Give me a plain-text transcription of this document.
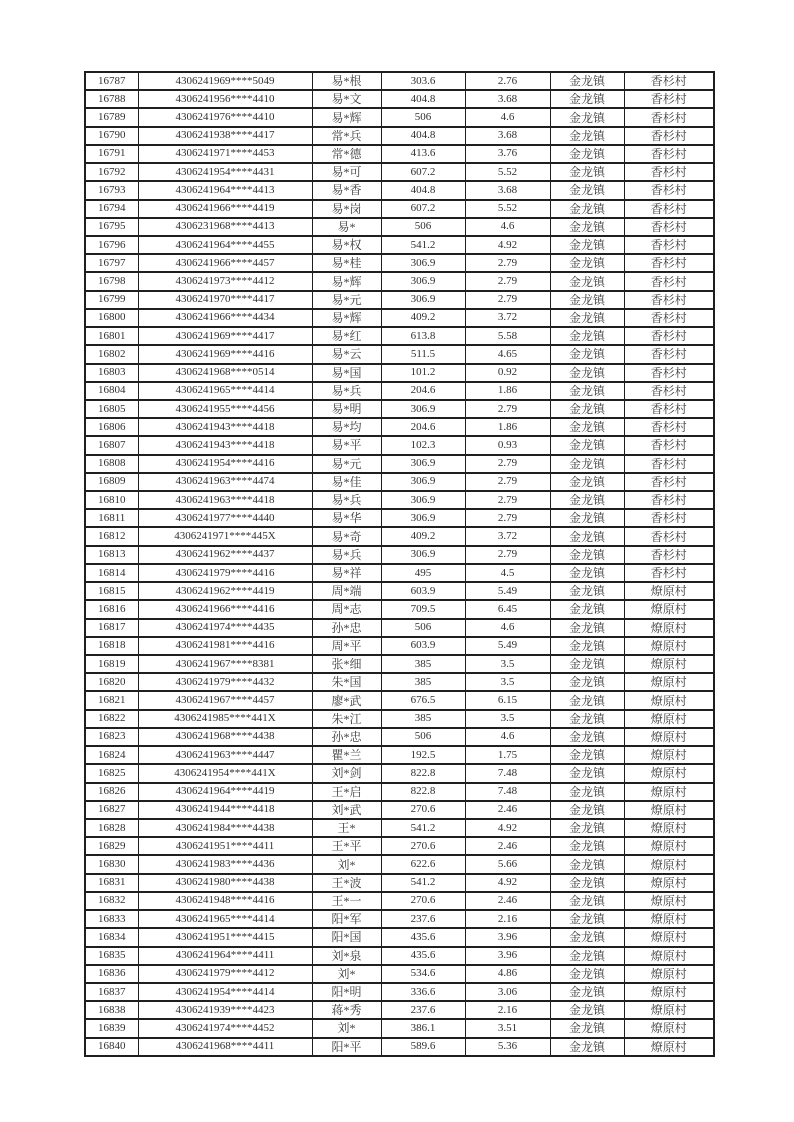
16787	4306241969****5049	易*根	303.6	2.76	金龙镇	香杉村
16788	4306241956****4410	易*文	404.8	3.68	金龙镇	香杉村
16789	4306241976****4410	易*辉	506	4.6	金龙镇	香杉村
16790	4306241938****4417	常*兵	404.8	3.68	金龙镇	香杉村
16791	4306241971****4453	常*德	413.6	3.76	金龙镇	香杉村
16792	4306241954****4431	易*可	607.2	5.52	金龙镇	香杉村
16793	4306241964****4413	易*香	404.8	3.68	金龙镇	香杉村
16794	4306241966****4419	易*岗	607.2	5.52	金龙镇	香杉村
16795	4306231968****4413	易*	506	4.6	金龙镇	香杉村
16796	4306241964****4455	易*权	541.2	4.92	金龙镇	香杉村
16797	4306241966****4457	易*桂	306.9	2.79	金龙镇	香杉村
16798	4306241973****4412	易*辉	306.9	2.79	金龙镇	香杉村
16799	4306241970****4417	易*元	306.9	2.79	金龙镇	香杉村
16800	4306241966****4434	易*辉	409.2	3.72	金龙镇	香杉村
16801	4306241969****4417	易*红	613.8	5.58	金龙镇	香杉村
16802	4306241969****4416	易*云	511.5	4.65	金龙镇	香杉村
16803	4306241968****0514	易*国	101.2	0.92	金龙镇	香杉村
16804	4306241965****4414	易*兵	204.6	1.86	金龙镇	香杉村
16805	4306241955****4456	易*明	306.9	2.79	金龙镇	香杉村
16806	4306241943****4418	易*均	204.6	1.86	金龙镇	香杉村
16807	4306241943****4418	易*平	102.3	0.93	金龙镇	香杉村
16808	4306241954****4416	易*元	306.9	2.79	金龙镇	香杉村
16809	4306241963****4474	易*佳	306.9	2.79	金龙镇	香杉村
16810	4306241963****4418	易*兵	306.9	2.79	金龙镇	香杉村
16811	4306241977****4440	易*华	306.9	2.79	金龙镇	香杉村
16812	4306241971****445X	易*奇	409.2	3.72	金龙镇	香杉村
16813	4306241962****4437	易*兵	306.9	2.79	金龙镇	香杉村
16814	4306241979****4416	易*祥	495	4.5	金龙镇	香杉村
16815	4306241962****4419	周*端	603.9	5.49	金龙镇	燎原村
16816	4306241966****4416	周*志	709.5	6.45	金龙镇	燎原村
16817	4306241974****4435	孙*忠	506	4.6	金龙镇	燎原村
16818	4306241981****4416	周*平	603.9	5.49	金龙镇	燎原村
16819	4306241967****8381	张*细	385	3.5	金龙镇	燎原村
16820	4306241979****4432	朱*国	385	3.5	金龙镇	燎原村
16821	4306241967****4457	廖*武	676.5	6.15	金龙镇	燎原村
16822	4306241985****441X	朱*江	385	3.5	金龙镇	燎原村
16823	4306241968****4438	孙*忠	506	4.6	金龙镇	燎原村
16824	4306241963****4447	瞿*兰	192.5	1.75	金龙镇	燎原村
16825	4306241954****441X	刘*剑	822.8	7.48	金龙镇	燎原村
16826	4306241964****4419	王*启	822.8	7.48	金龙镇	燎原村
16827	4306241944****4418	刘*武	270.6	2.46	金龙镇	燎原村
16828	4306241984****4438	王*	541.2	4.92	金龙镇	燎原村
16829	4306241951****4411	王*平	270.6	2.46	金龙镇	燎原村
16830	4306241983****4436	刘*	622.6	5.66	金龙镇	燎原村
16831	4306241980****4438	王*波	541.2	4.92	金龙镇	燎原村
16832	4306241948****4416	王*一	270.6	2.46	金龙镇	燎原村
16833	4306241965****4414	阳*军	237.6	2.16	金龙镇	燎原村
16834	4306241951****4415	阳*国	435.6	3.96	金龙镇	燎原村
16835	4306241964****4411	刘*泉	435.6	3.96	金龙镇	燎原村
16836	4306241979****4412	刘*	534.6	4.86	金龙镇	燎原村
16837	4306241954****4414	阳*明	336.6	3.06	金龙镇	燎原村
16838	4306241939****4423	蒋*秀	237.6	2.16	金龙镇	燎原村
16839	4306241974****4452	刘*	386.1	3.51	金龙镇	燎原村
16840	4306241968****4411	阳*平	589.6	5.36	金龙镇	燎原村
